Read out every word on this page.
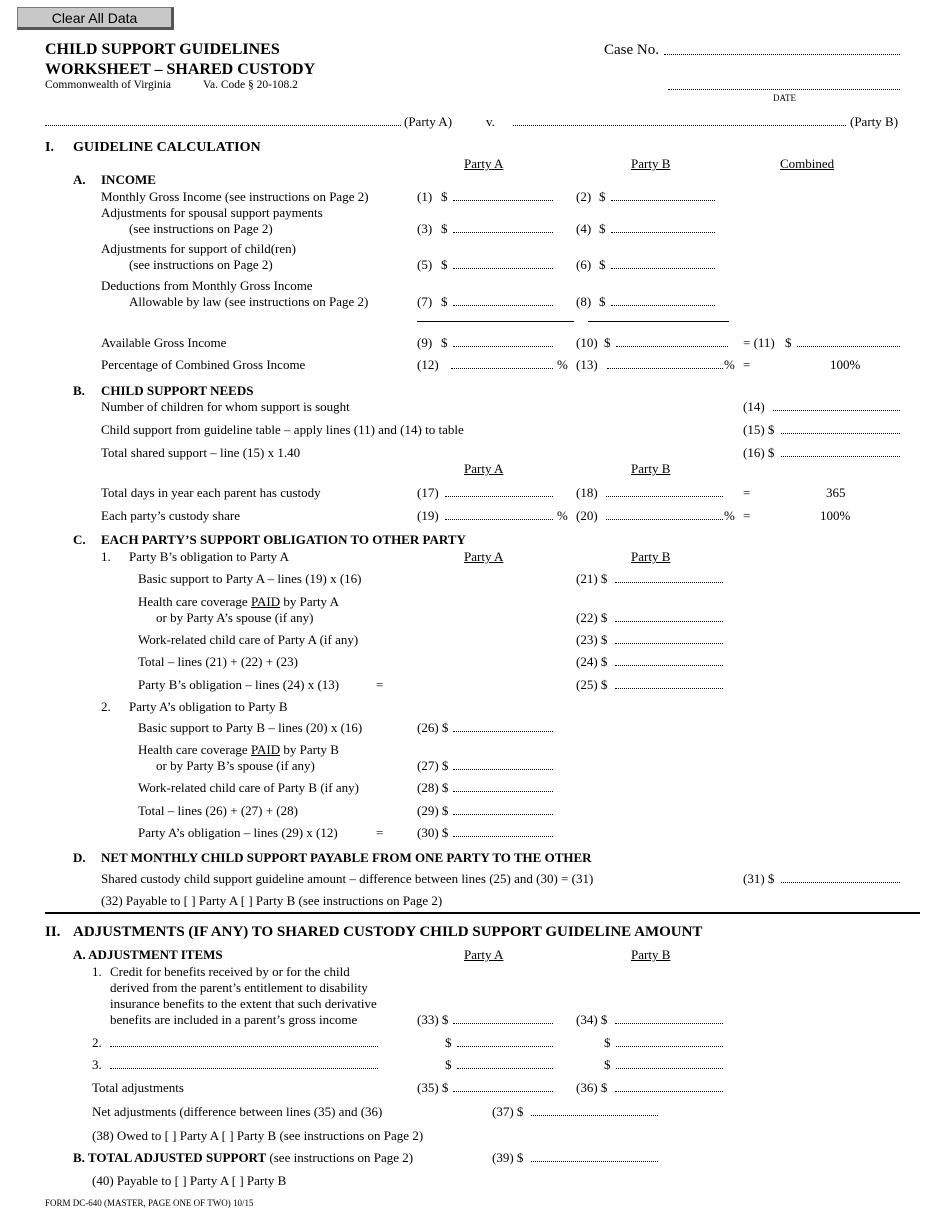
Clear All Data
CHILD SUPPORT GUIDELINES
WORKSHEET – SHARED CUSTODY
Commonwealth of Virginia	Va. Code § 20-108.2
Case No.
DATE
(Party A)	v.	(Party B)
I. GUIDELINE CALCULATION
Party A	Party B	Combined
A. INCOME
Monthly Gross Income (see instructions on Page 2)	(1) $	(2) $
Adjustments for spousal support payments
(see instructions on Page 2)	(3) $	(4) $
Adjustments for support of child(ren)
(see instructions on Page 2)	(5) $	(6) $
Deductions from Monthly Gross Income
Allowable by law (see instructions on Page 2)	(7) $	(8) $
Available Gross Income	(9) $	(10) $	= (11) $
Percentage of Combined Gross Income	(12)	% (13)	% =	100%
B. CHILD SUPPORT NEEDS
Number of children for whom support is sought	(14)
Child support from guideline table – apply lines (11) and (14) to table	(15) $
Total shared support – line (15) x 1.40	(16) $
Party A	Party B
Total days in year each parent has custody	(17)	(18)	=	365
Each party’s custody share	(19)	% (20)	% =	100%
C. EACH PARTY’S SUPPORT OBLIGATION TO OTHER PARTY
1. Party B’s obligation to Party A	Party A	Party B
Basic support to Party A – lines (19) x (16)	(21) $
Health care coverage PAID by Party A
or by Party A’s spouse (if any)	(22) $
Work-related child care of Party A (if any)	(23) $
Total – lines (21) + (22) + (23)	(24) $
Party B’s obligation – lines (24) x (13)	=	(25) $
2. Party A’s obligation to Party B
Basic support to Party B – lines (20) x (16)	(26) $
Health care coverage PAID by Party B
or by Party B’s spouse (if any)	(27) $
Work-related child care of Party B (if any)	(28) $
Total – lines (26) + (27) + (28)	(29) $
Party A’s obligation – lines (29) x (12)	=	(30) $
D. NET MONTHLY CHILD SUPPORT PAYABLE FROM ONE PARTY TO THE OTHER
Shared custody child support guideline amount – difference between lines (25) and (30) = (31)	(31) $
(32) Payable to [ ] Party A [ ] Party B (see instructions on Page 2)
II. ADJUSTMENTS (IF ANY) TO SHARED CUSTODY CHILD SUPPORT GUIDELINE AMOUNT
A. ADJUSTMENT ITEMS	Party A	Party B
1. Credit for benefits received by or for the child
derived from the parent’s entitlement to disability
insurance benefits to the extent that such derivative
benefits are included in a parent’s gross income	(33) $	(34) $
2.	$	$
3.	$	$
Total adjustments	(35) $	(36) $
Net adjustments (difference between lines (35) and (36)	(37) $
(38) Owed to [ ] Party A [ ] Party B (see instructions on Page 2)
B. TOTAL ADJUSTED SUPPORT (see instructions on Page 2)	(39) $
(40) Payable to [ ] Party A [ ] Party B
FORM DC-640 (MASTER, PAGE ONE OF TWO) 10/15
